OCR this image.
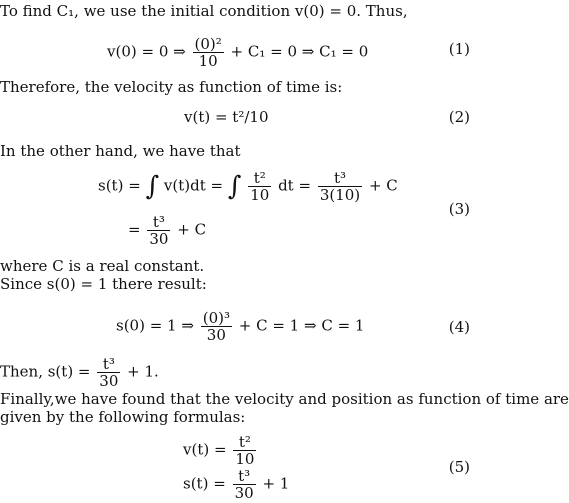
To find C₁, we use the initial condition v(0) = 0. Thus,
v(0) = 0 ⇒ $\frac{\text{(0)²}}{10} + C_1 = 0$ ⇒ C₁ = 0	(1)
Therefore, the velocity as function of time is:
v(t) = t²/10	(2)
In the other hand, we have that
s(t) = ∫ v(t)dt = ∫ $\frac{\text{t²}}{10}$ dt = $\frac{\text{t³}}{3(10)} + C$
= $\frac{\text{t³}}{30} + C$
(3)
where C is a real constant.
Since s(0) = 1 there result:
s(0) = 1 ⇒ $\frac{\text{(0)³}}{30} + C = 1$ ⇒ C = 1	(4)
Then, $s(t) = \frac{\text{t³}}{30} + 1$.
Finally,we have found that the velocity and position as function of time are
given by the following formulas:
$v(t) = \frac{\text{t²}}{10}$
$s(t) = \frac{\text{t³}}{30} + 1$
(5)
